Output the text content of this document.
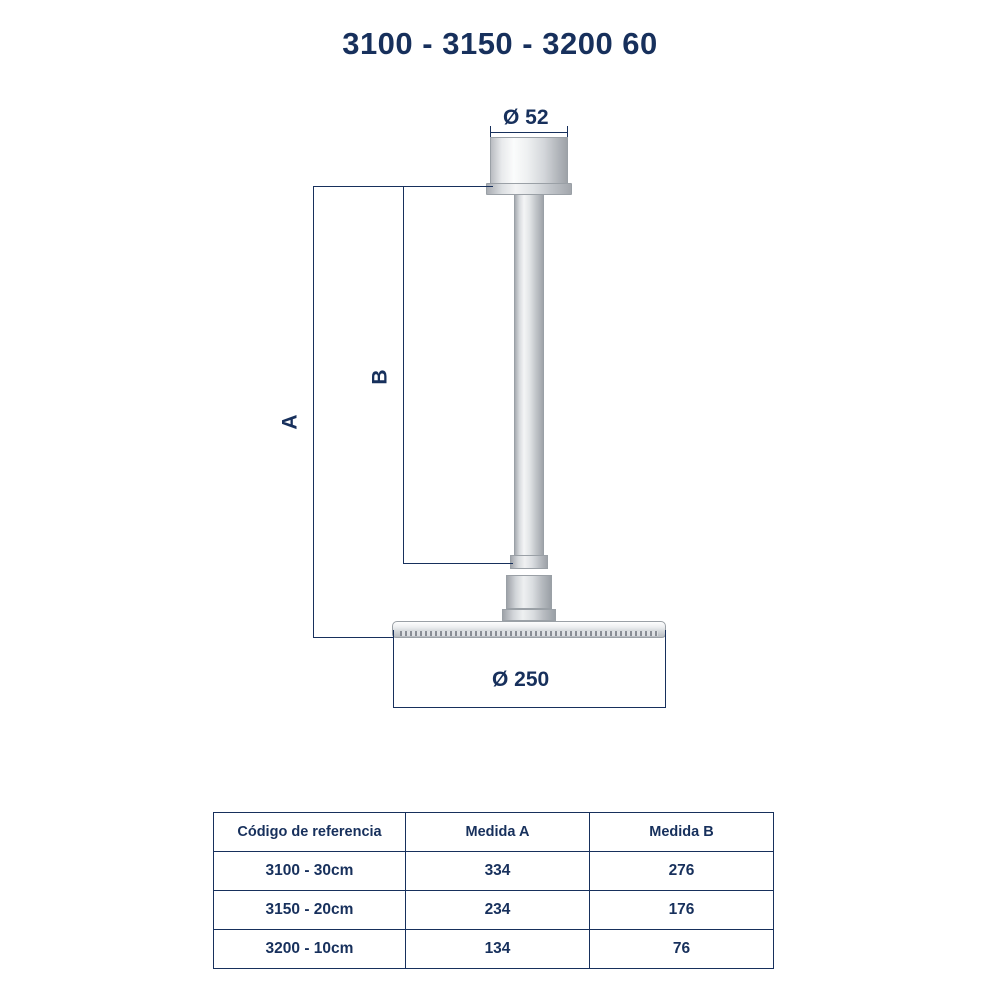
3100 - 3150 - 3200 60
Ø 52
A
B
Ø 250
Código de referencia	Medida A	Medida B
3100 - 30cm	334	276
3150 - 20cm	234	176
3200 - 10cm	134	76
